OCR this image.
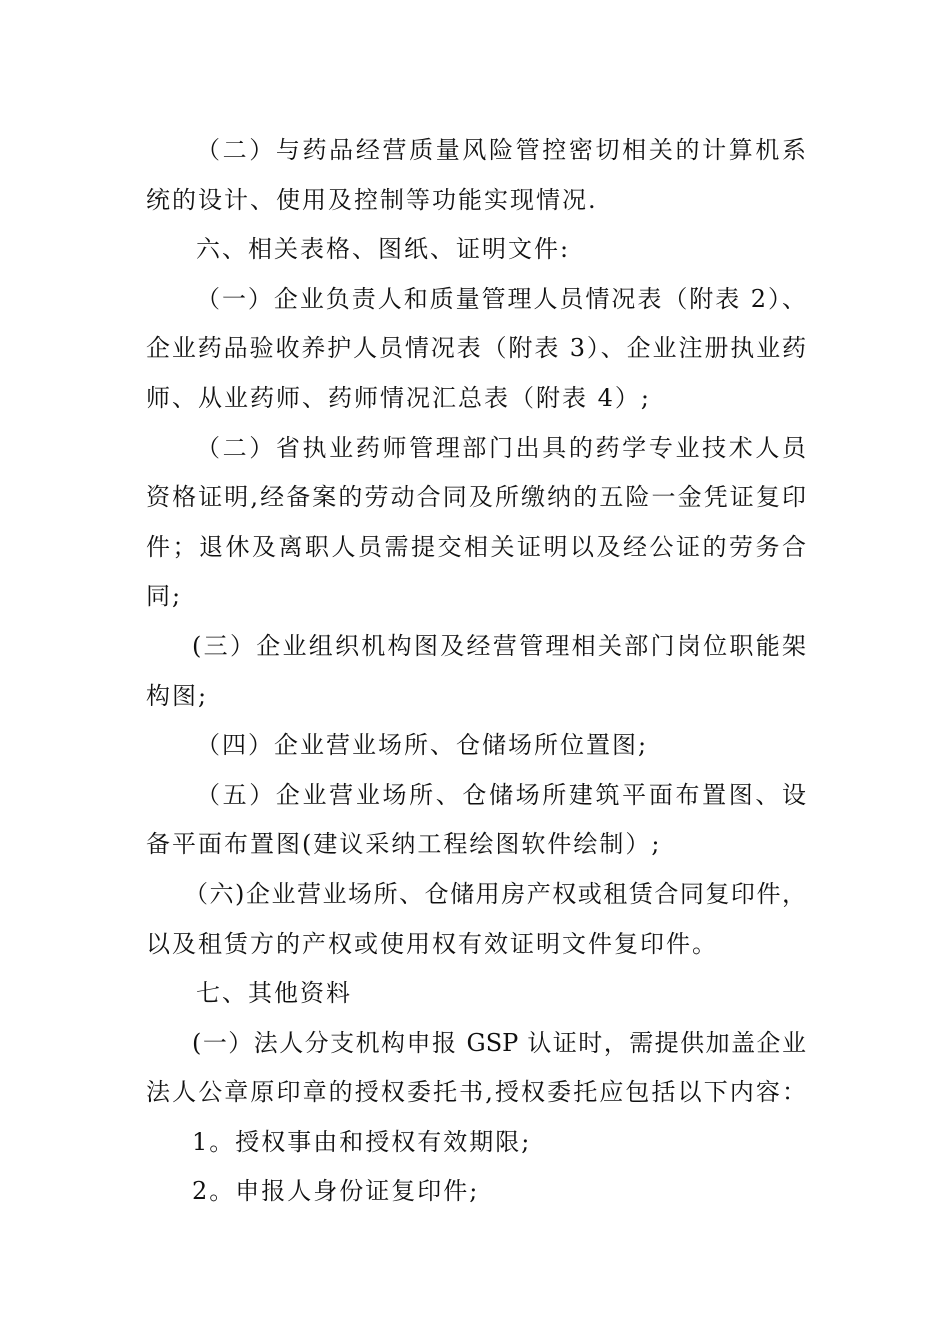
（二）与药品经营质量风险管控密切相关的计算机系
统的设计、使用及控制等功能实现情况.
六、相关表格、图纸、证明文件:
（一）企业负责人和质量管理人员情况表（附表 2）、
企业药品验收养护人员情况表（附表 3）、企业注册执业药
师、从业药师、药师情况汇总表（附表 4）;
（二）省执业药师管理部门出具的药学专业技术人员
资格证明,经备案的劳动合同及所缴纳的五险一金凭证复印
件；退休及离职人员需提交相关证明以及经公证的劳务合
同;
(三）企业组织机构图及经营管理相关部门岗位职能架
构图;
（四）企业营业场所、仓储场所位置图;
（五）企业营业场所、仓储场所建筑平面布置图、设
备平面布置图(建议采纳工程绘图软件绘制）;
（六)企业营业场所、仓储用房产权或租赁合同复印件，
以及租赁方的产权或使用权有效证明文件复印件。
七、其他资料
(一）法人分支机构申报 GSP 认证时，需提供加盖企业
法人公章原印章的授权委托书,授权委托应包括以下内容：
1。授权事由和授权有效期限;
2。申报人身份证复印件;
